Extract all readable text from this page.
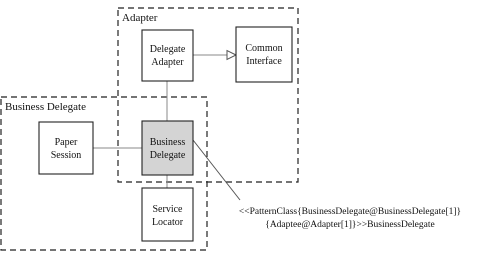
Adapter
Business Delegate
Delegate
Adapter
Common
Interface
Paper
Session
Business
Delegate
Service
Locator
<<PatternClass{BusinessDelegate@BusinessDelegate[1]}
{Adaptee@Adapter[1]}>>BusinessDelegate
